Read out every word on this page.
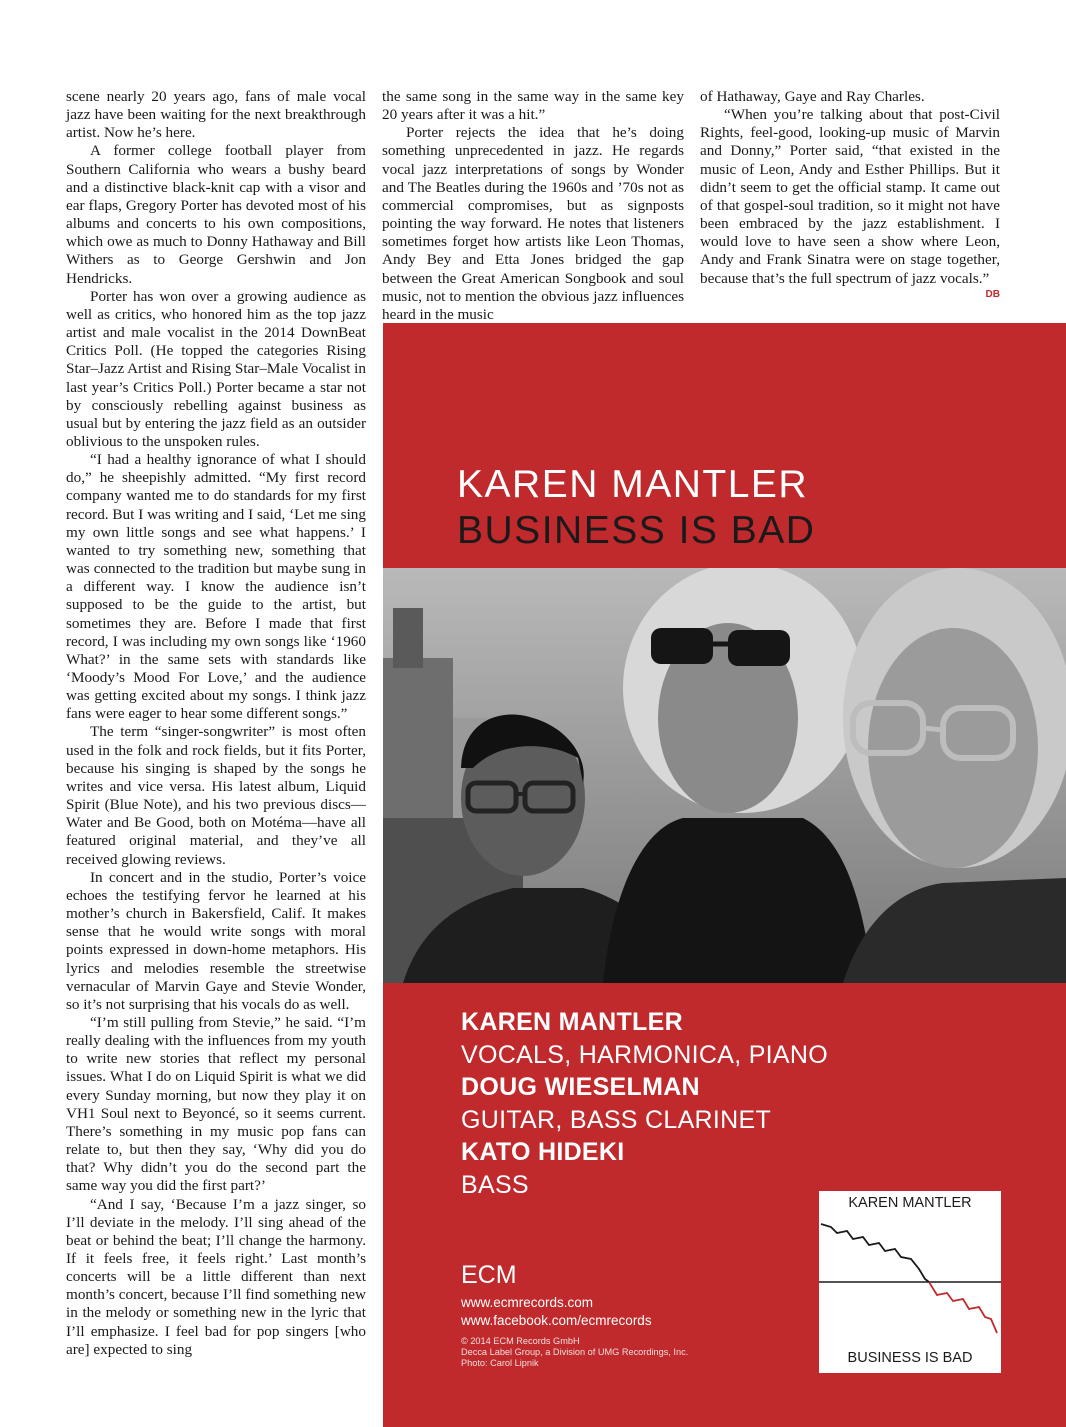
scene nearly 20 years ago, fans of male vocal jazz have been waiting for the next breakthrough artist. Now he’s here.

A former college football player from Southern California who wears a bushy beard and a distinctive black-knit cap with a visor and ear flaps, Gregory Porter has devoted most of his albums and concerts to his own compositions, which owe as much to Donny Hathaway and Bill Withers as to George Gershwin and Jon Hendricks.

Porter has won over a growing audience as well as critics, who honored him as the top jazz artist and male vocalist in the 2014 DownBeat Critics Poll. (He topped the categories Rising Star–Jazz Artist and Rising Star–Male Vocalist in last year’s Critics Poll.) Porter became a star not by consciously rebelling against business as usual but by entering the jazz field as an outsider oblivious to the unspoken rules.

“I had a healthy ignorance of what I should do,” he sheepishly admitted. “My first record company wanted me to do standards for my first record. But I was writing and I said, ‘Let me sing my own little songs and see what happens.’ I wanted to try something new, something that was connected to the tradition but maybe sung in a different way. I know the audience isn’t supposed to be the guide to the artist, but sometimes they are. Before I made that first record, I was including my own songs like ‘1960 What?’ in the same sets with standards like ‘Moody’s Mood For Love,’ and the audience was getting excited about my songs. I think jazz fans were eager to hear some different songs.”

The term “singer-songwriter” is most often used in the folk and rock fields, but it fits Porter, because his singing is shaped by the songs he writes and vice versa. His latest album, Liquid Spirit (Blue Note), and his two previous discs—Water and Be Good, both on Motéma—have all featured original material, and they’ve all received glowing reviews.

In concert and in the studio, Porter’s voice echoes the testifying fervor he learned at his mother’s church in Bakersfield, Calif. It makes sense that he would write songs with moral points expressed in down-home metaphors. His lyrics and melodies resemble the streetwise vernacular of Marvin Gaye and Stevie Wonder, so it’s not surprising that his vocals do as well.

“I’m still pulling from Stevie,” he said. “I’m really dealing with the influences from my youth to write new stories that reflect my personal issues. What I do on Liquid Spirit is what we did every Sunday morning, but now they play it on VH1 Soul next to Beyoncé, so it seems current. There’s something in my music pop fans can relate to, but then they say, ‘Why did you do that? Why didn’t you do the second part the same way you did the first part?’

“And I say, ‘Because I’m a jazz singer, so I’ll deviate in the melody. I’ll sing ahead of the beat or behind the beat; I’ll change the harmony. If it feels free, it feels right.’ Last month’s concerts will be a little different than next month’s concert, because I’ll find something new in the melody or something new in the lyric that I’ll emphasize. I feel bad for pop singers [who are] expected to sing

the same song in the same way in the same key 20 years after it was a hit.”

Porter rejects the idea that he’s doing something unprecedented in jazz. He regards vocal jazz interpretations of songs by Wonder and The Beatles during the 1960s and ’70s not as commercial compromises, but as signposts pointing the way forward. He notes that listeners sometimes forget how artists like Leon Thomas, Andy Bey and Etta Jones bridged the gap between the Great American Songbook and soul music, not to mention the obvious jazz influences heard in the music

of Hathaway, Gaye and Ray Charles.

“When you’re talking about that post-Civil Rights, feel-good, looking-up music of Marvin and Donny,” Porter said, “that existed in the music of Leon, Andy and Esther Phillips. But it didn’t seem to get the official stamp. It came out of that gospel-soul tradition, so it might not have been embraced by the jazz establishment. I would love to have seen a show where Leon, Andy and Frank Sinatra were on stage together, because that’s the full spectrum of jazz vocals.”

DB
KAREN MANTLER
BUSINESS IS BAD
KAREN MANTLER
VOCALS, HARMONICA, PIANO
DOUG WIESELMAN
GUITAR, BASS CLARINET
KATO HIDEKI
BASS
ECM
www.ecmrecords.com
www.facebook.com/ecmrecords
© 2014 ECM Records GmbH
Decca Label Group, a Division of UMG Recordings, Inc.
Photo: Carol Lipnik
KAREN MANTLER
BUSINESS IS BAD
